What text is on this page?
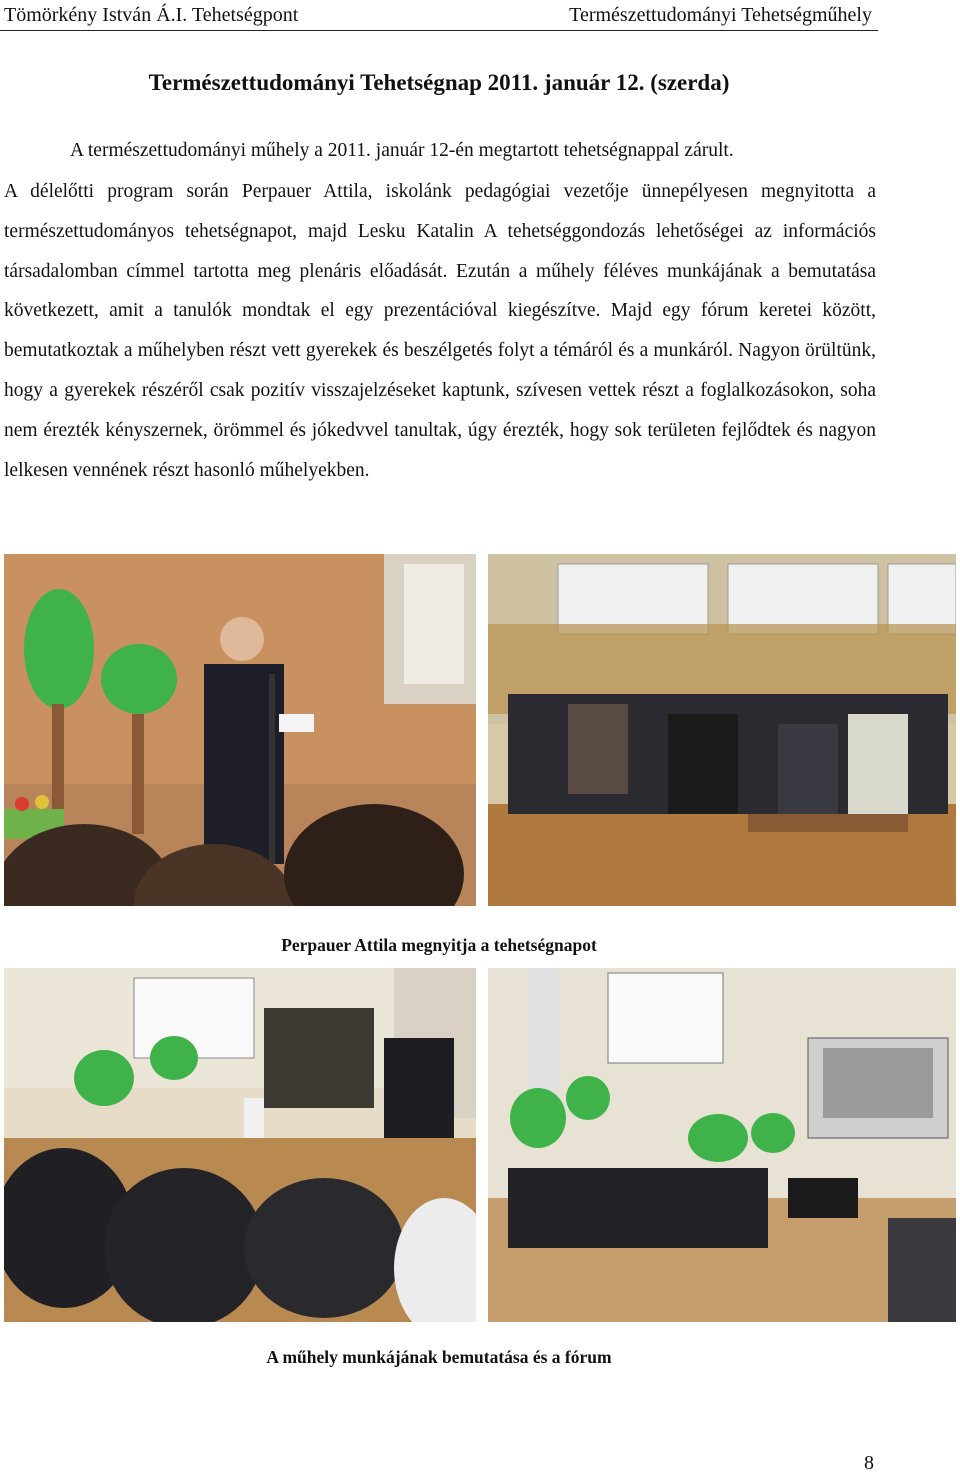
Tömörkény István Á.I. Tehetségpont	Természettudományi Tehetségműhely
Természettudományi Tehetségnap 2011. január 12. (szerda)
A természettudományi műhely a 2011. január 12-én megtartott tehetségnappal zárult.
A délelőtti program során Perpauer Attila, iskolánk pedagógiai vezetője ünnepélyesen megnyitotta a természettudományos tehetségnapot, majd Lesku Katalin A tehetséggondozás lehetőségei az információs társadalomban címmel tartotta meg plenáris előadását. Ezután a műhely féléves munkájának a bemutatása következett, amit a tanulók mondtak el egy prezentációval kiegészítve. Majd egy fórum keretei között, bemutatkoztak a műhelyben részt vett gyerekek és beszélgetés folyt a témáról és a munkáról. Nagyon örültünk, hogy a gyerekek részéről csak pozitív visszajelzéseket kaptunk, szívesen vettek részt a foglalkozásokon, soha nem érezték kényszernek, örömmel és jókedvvel tanultak, úgy érezték, hogy sok területen fejlődtek és nagyon lelkesen vennének részt hasonló műhelyekben.
Perpauer Attila megnyitja a tehetségnapot
A műhely munkájának bemutatása és a fórum
8
